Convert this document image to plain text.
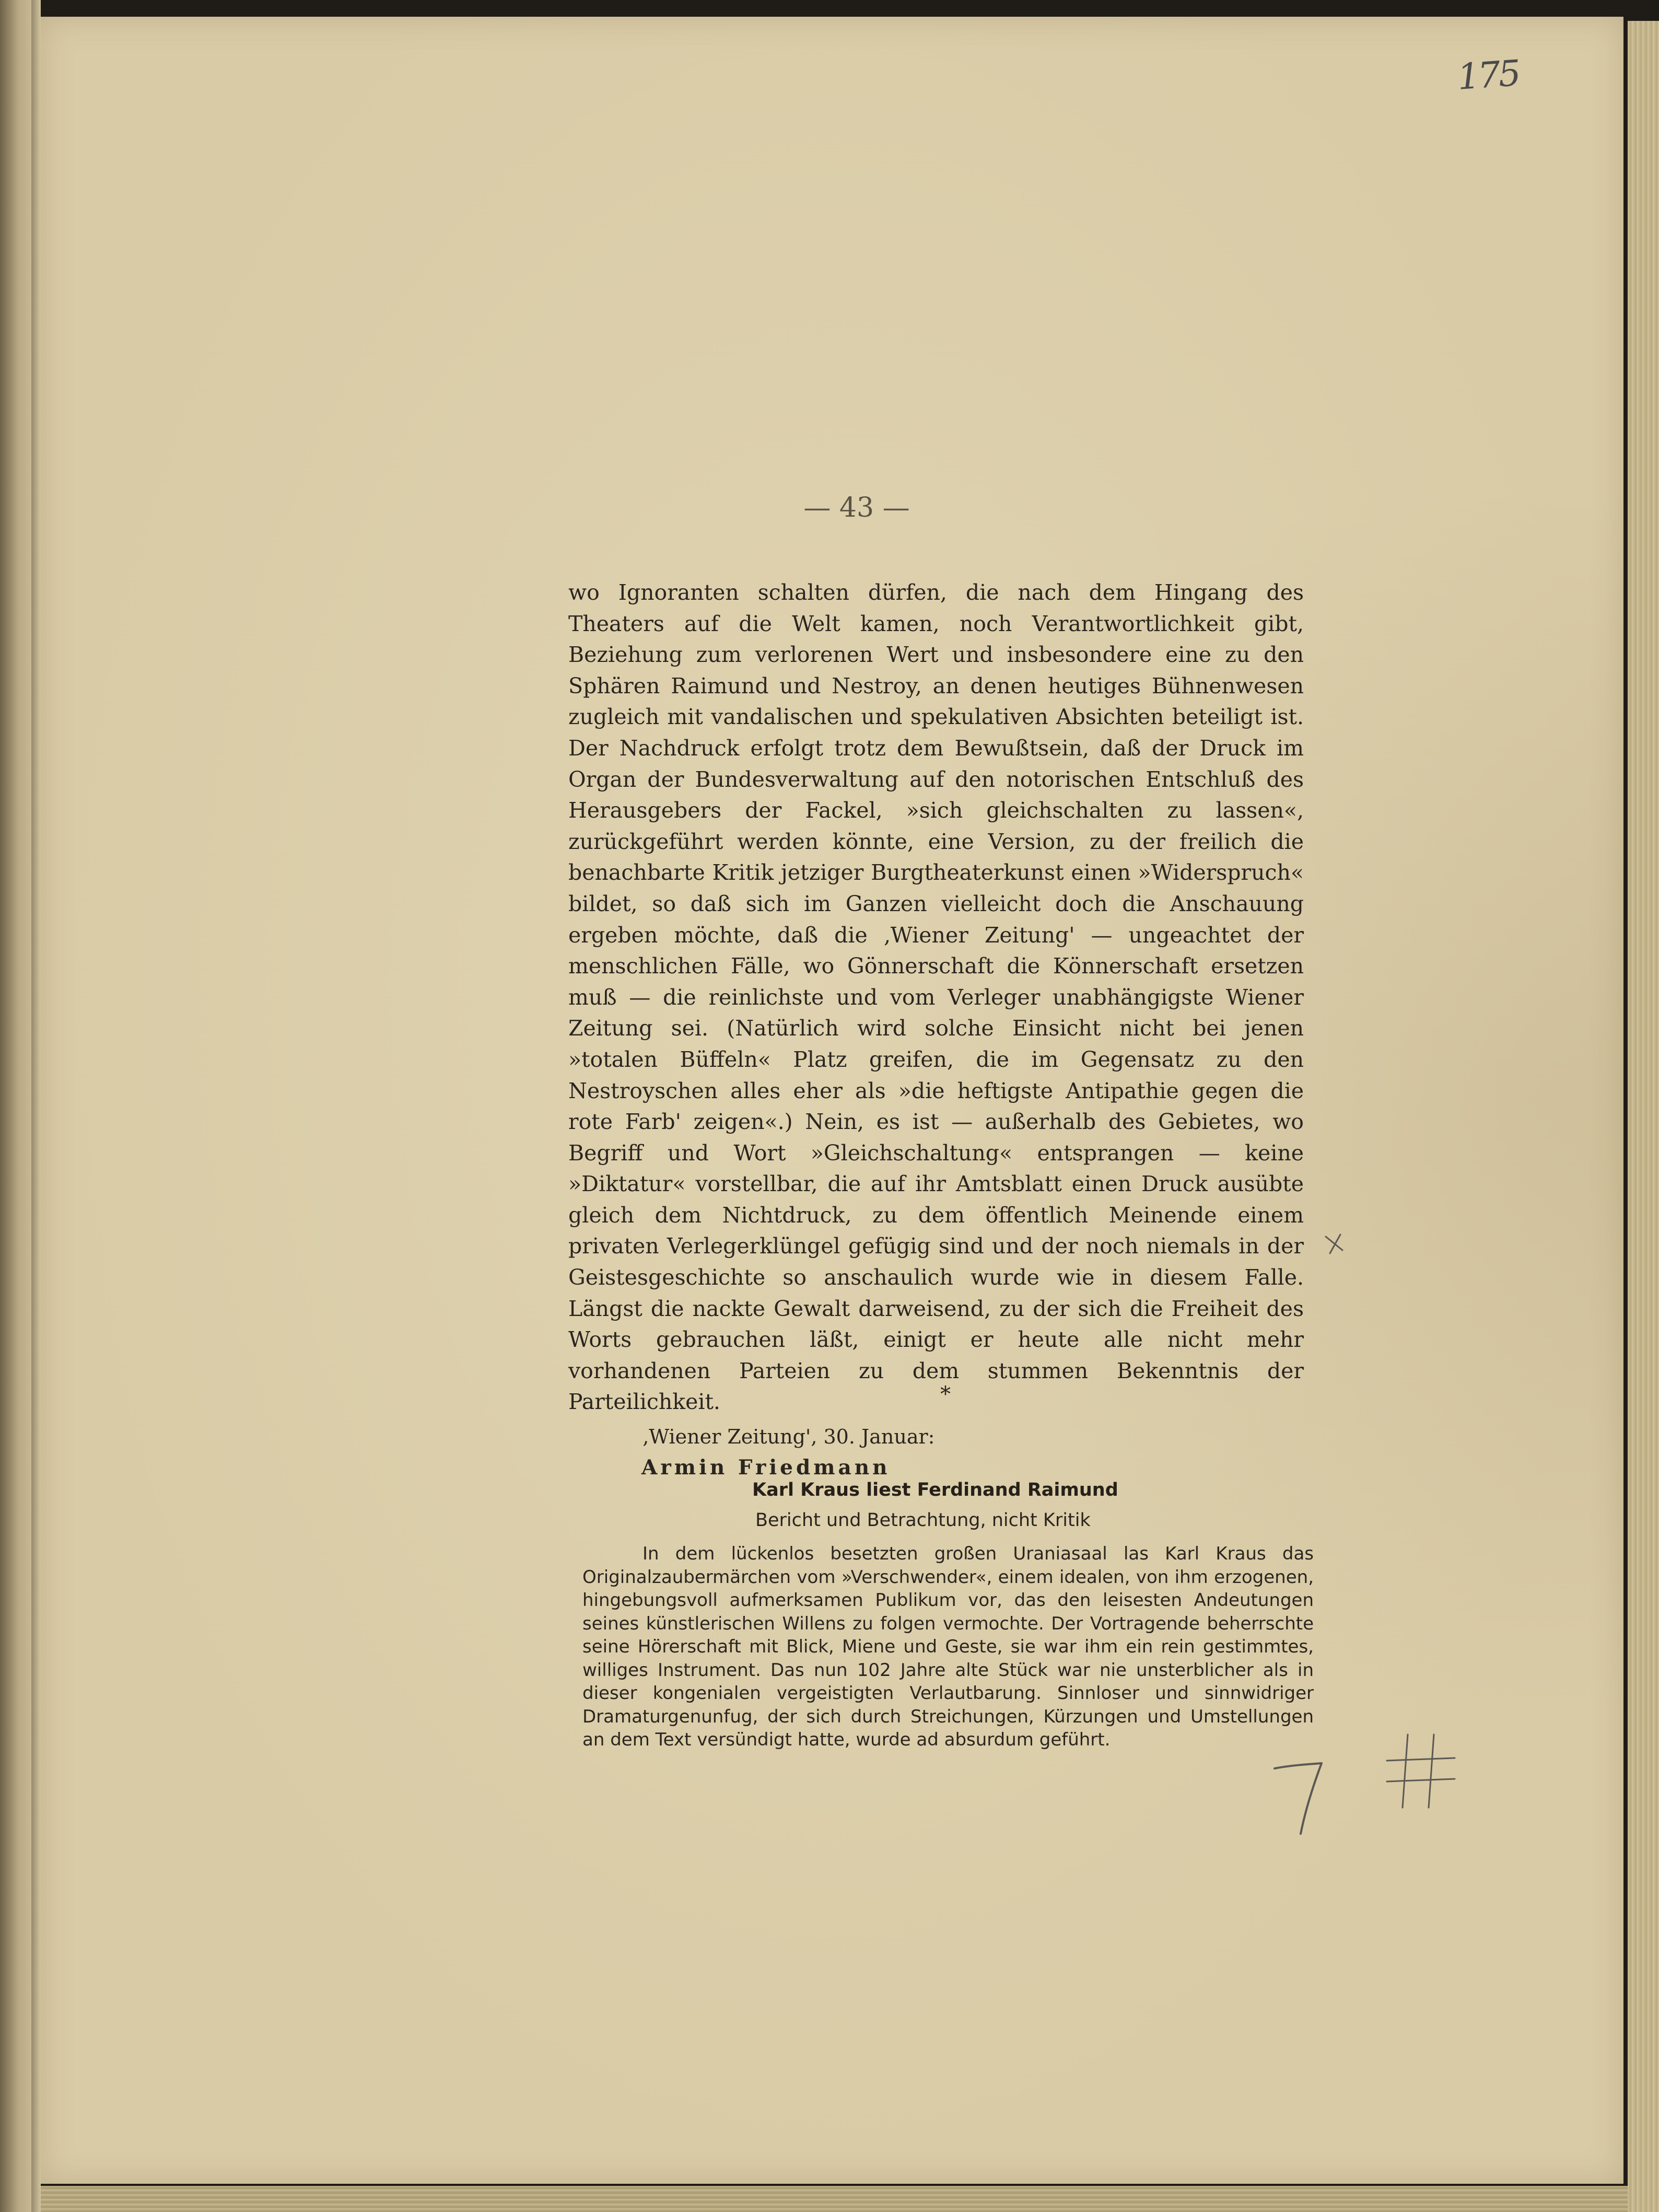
175
— 43 —
wo Ignoranten schalten dürfen, die nach dem Hingang des Theaters auf die Welt kamen, noch Verantwortlichkeit gibt, Beziehung zum verlorenen Wert und insbesondere eine zu den Sphären Raimund und Nestroy, an denen heutiges Bühnenwesen zugleich mit vandalischen und spekulativen Absichten beteiligt ist. Der Nachdruck erfolgt trotz dem Bewußtsein, daß der Druck im Organ der Bundesverwaltung auf den notorischen Entschluß des Herausgebers der Fackel, »sich gleichschalten zu lassen«, zurückgeführt werden könnte, eine Version, zu der freilich die benachbarte Kritik jetziger Burgtheaterkunst einen »Widerspruch« bildet, so daß sich im Ganzen vielleicht doch die Anschauung ergeben möchte, daß die ‚Wiener Zeitung' — ungeachtet der menschlichen Fälle, wo Gönnerschaft die Könnerschaft ersetzen muß — die reinlichste und vom Verleger unabhängigste Wiener Zeitung sei. (Natürlich wird solche Einsicht nicht bei jenen »totalen Büffeln« Platz greifen, die im Gegensatz zu den Nestroyschen alles eher als »die heftigste Antipathie gegen die rote Farb' zeigen«.) Nein, es ist — außerhalb des Gebietes, wo Begriff und Wort »Gleichschaltung« entsprangen — keine »Diktatur« vorstellbar, die auf ihr Amtsblatt einen Druck ausübte gleich dem Nichtdruck, zu dem öffentlich Meinende einem privaten Verlegerklüngel gefügig sind und der noch niemals in der Geistesgeschichte so anschaulich wurde wie in diesem Falle. Längst die nackte Gewalt darweisend, zu der sich die Freiheit des Worts gebrauchen läßt, einigt er heute alle nicht mehr vorhandenen Parteien zu dem stummen Bekenntnis der Parteilichkeit.	*
‚Wiener Zeitung', 30. Januar:
Armin Friedmann
Karl Kraus liest Ferdinand Raimund
Bericht und Betrachtung, nicht Kritik
In dem lückenlos besetzten großen Uraniasaal las Karl Kraus das Originalzaubermärchen vom »Verschwender«, einem idealen, von ihm erzogenen, hingebungsvoll aufmerksamen Publikum vor, das den leisesten Andeutungen seines künstlerischen Willens zu folgen vermochte. Der Vortragende beherrschte seine Hörerschaft mit Blick, Miene und Geste, sie war ihm ein rein gestimmtes, williges Instrument. Das nun 102 Jahre alte Stück war nie unsterblicher als in dieser kongenialen vergeistigten Verlautbarung. Sinnloser und sinnwidriger Dramaturgenunfug, der sich durch Streichungen, Kürzungen und Umstellungen an dem Text versündigt hatte, wurde ad absurdum geführt.
